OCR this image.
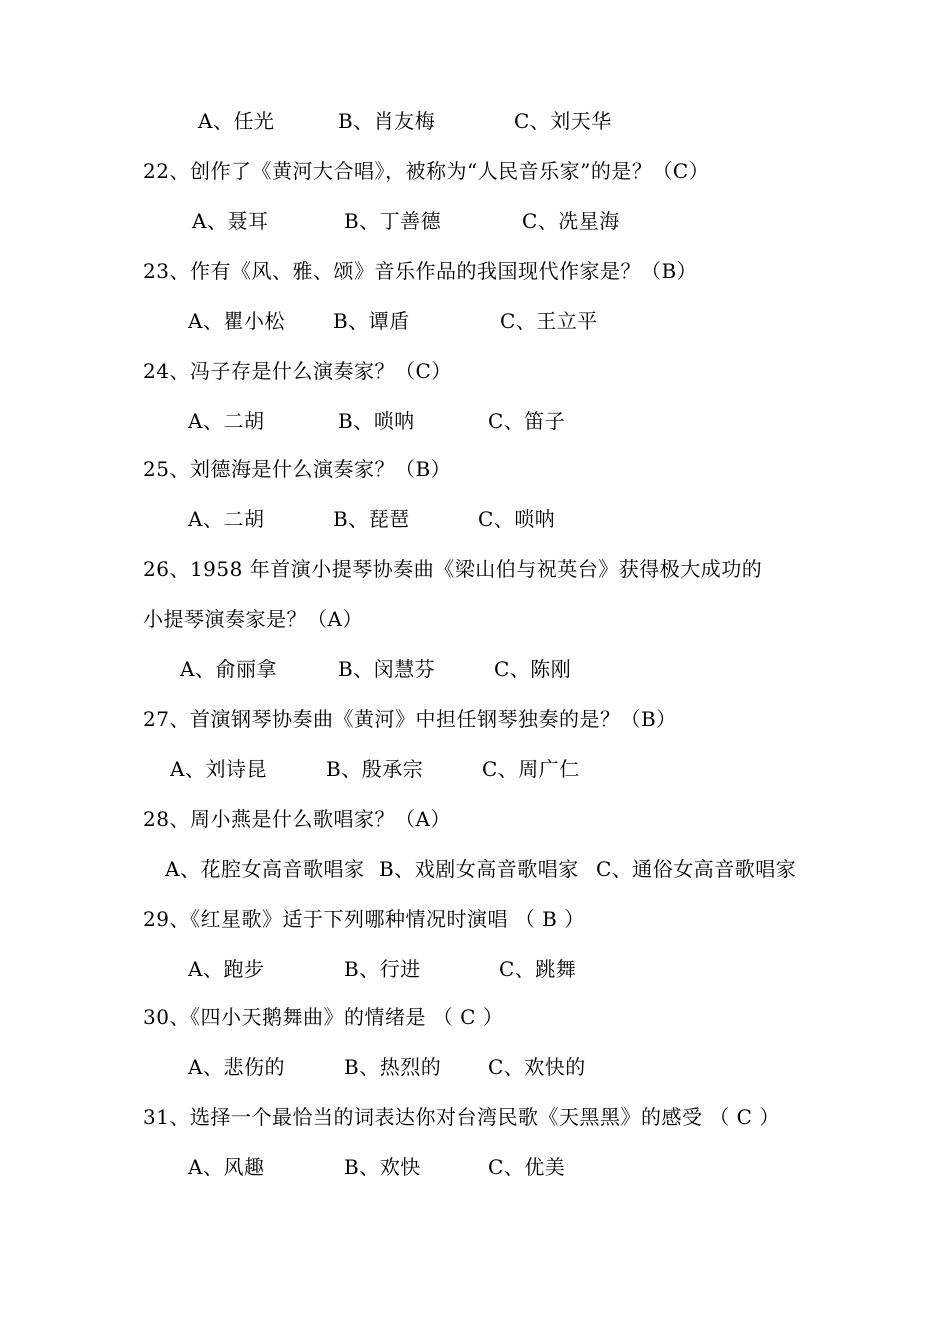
A、任光	B、肖友梅	C、刘天华
22、创作了《黄河大合唱》，被称为“人民音乐家”的是？（C）
A、聂耳	B、丁善德	C、冼星海
23、作有《风、雅、颂》音乐作品的我国现代作家是？（B）
A、瞿小松 B、谭盾	C、王立平
24、冯子存是什么演奏家？（C）
A、二胡	B、唢呐	C、笛子
25、刘德海是什么演奏家？（B）
A、二胡	B、琵琶	C、唢呐
26、1958 年首演小提琴协奏曲《梁山伯与祝英台》获得极大成功的
小提琴演奏家是？（A）
A、俞丽拿	B、闵慧芬	C、陈刚
27、首演钢琴协奏曲《黄河》中担任钢琴独奏的是？（B）
A、刘诗昆	B、殷承宗	C、周广仁
28、周小燕是什么歌唱家？（A）
A、花腔女高音歌唱家 B、戏剧女高音歌唱家 C、通俗女高音歌唱家
29、《红星歌》适于下列哪种情况时演唱 （ B ）
A、跑步	B、行进	C、跳舞
30、《四小天鹅舞曲》的情绪是 （ C ）
A、悲伤的	B、热烈的 C、欢快的
31、选择一个最恰当的词表达你对台湾民歌《天黑黑》的感受 （ C ）
A、风趣	B、欢快	C、优美
